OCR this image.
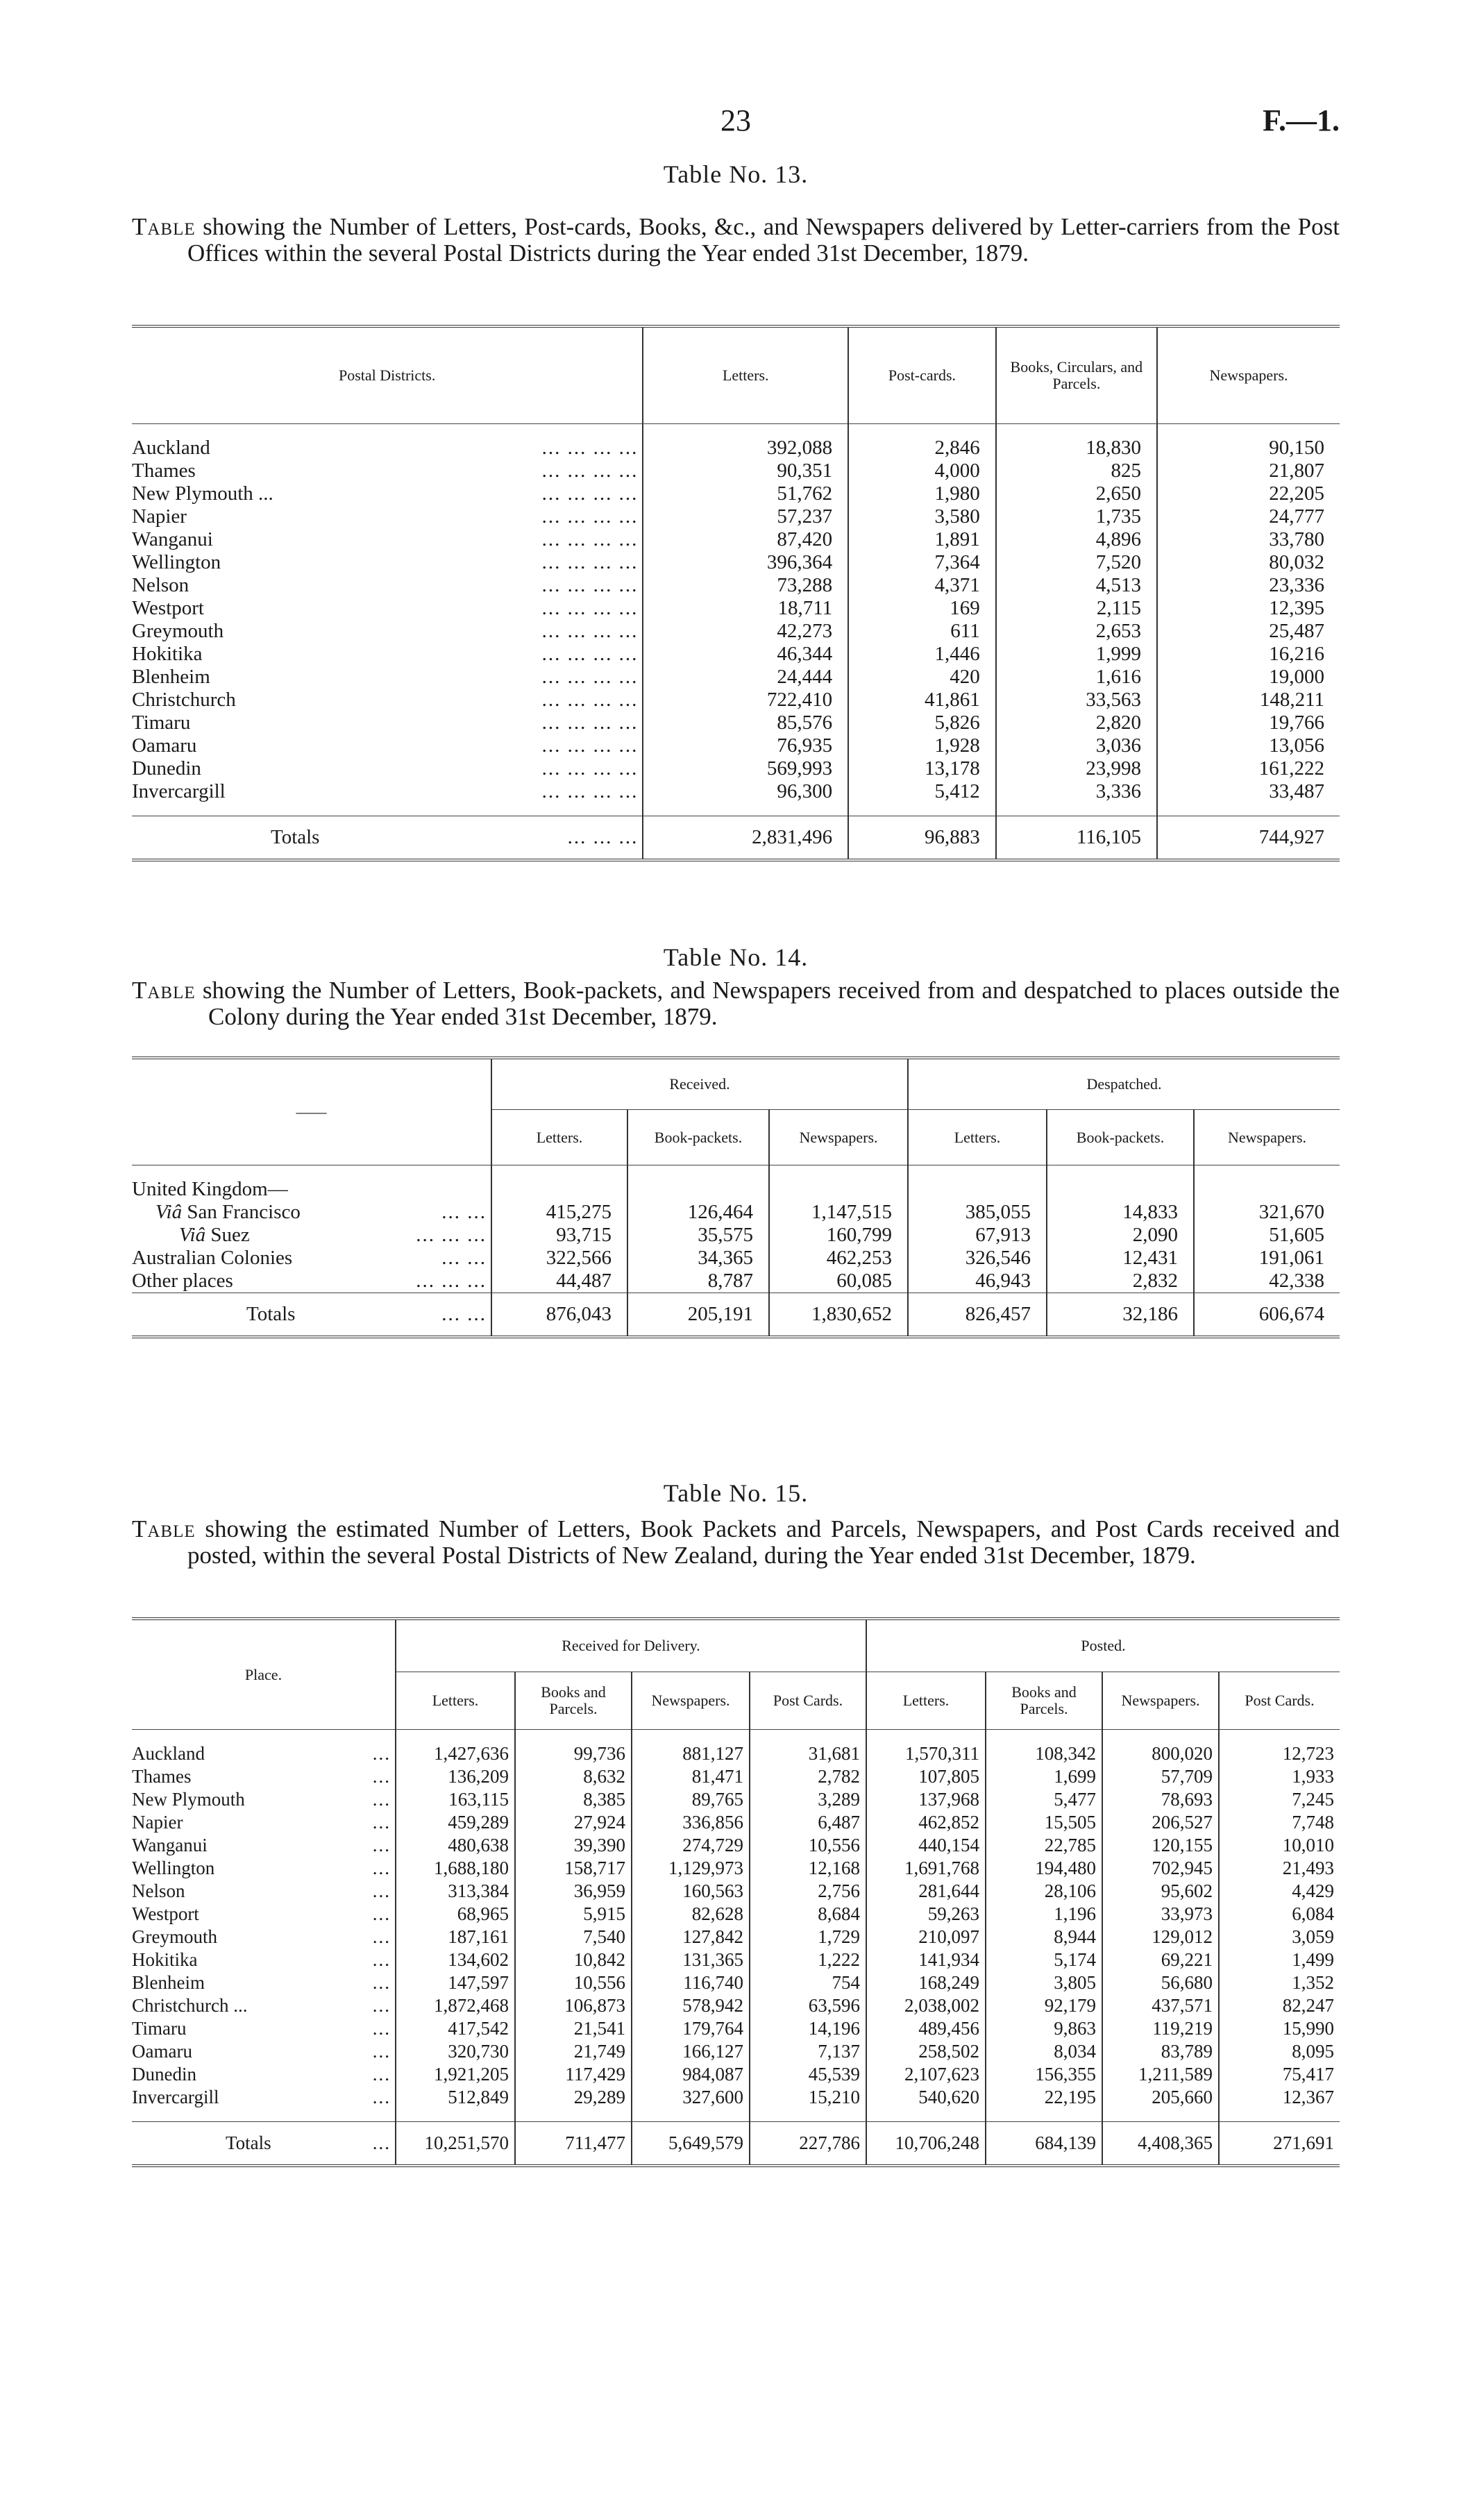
23	F.—1.
Table No. 13.
Table showing the Number of Letters, Post-cards, Books, &c., and Newspapers delivered by Letter-carriers from the Post Offices within the several Postal Districts during the Year ended 31st December, 1879.
Postal Districts.	Letters.	Post-cards.	Books, Circulars, and Parcels.	Newspapers.

Auckland ... ... ... ...	392,088	2,846	18,830	90,150
Thames ... ... ... ...	90,351	4,000	825	21,807
New Plymouth ... ... ... ... ...	51,762	1,980	2,650	22,205
Napier ... ... ... ...	57,237	3,580	1,735	24,777
Wanganui ... ... ... ...	87,420	1,891	4,896	33,780
Wellington ... ... ... ...	396,364	7,364	7,520	80,032
Nelson ... ... ... ...	73,288	4,371	4,513	23,336
Westport ... ... ... ...	18,711	169	2,115	12,395
Greymouth ... ... ... ...	42,273	611	2,653	25,487
Hokitika ... ... ... ...	46,344	1,446	1,999	16,216
Blenheim ... ... ... ...	24,444	420	1,616	19,000
Christchurch ... ... ... ...	722,410	41,861	33,563	148,211
Timaru ... ... ... ...	85,576	5,826	2,820	19,766
Oamaru ... ... ... ...	76,935	1,928	3,036	13,056
Dunedin ... ... ... ...	569,993	13,178	23,998	161,222
Invercargill ... ... ... ...	96,300	5,412	3,336	33,487

Totals ... ... ...	2,831,496	96,883	116,105	744,927
Table No. 14.
Table showing the Number of Letters, Book-packets, and Newspapers received from and despatched to places outside the Colony during the Year ended 31st December, 1879.
——	Received.			Despatched.		
	Letters.	Book-packets.	Newspapers.	Letters.	Book-packets.	Newspapers.

United Kingdom—						
Viâ San Francisco ... ...	415,275	126,464	1,147,515	385,055	14,833	321,670
Viâ Suez ... ... ...	93,715	35,575	160,799	67,913	2,090	51,605
Australian Colonies ... ...	322,566	34,365	462,253	326,546	12,431	191,061
Other places ... ... ...	44,487	8,787	60,085	46,943	2,832	42,338
Totals ... ...	876,043	205,191	1,830,652	826,457	32,186	606,674
Table No. 15.
Table showing the estimated Number of Letters, Book Packets and Parcels, Newspapers, and Post Cards received and posted, within the several Postal Districts of New Zealand, during the Year ended 31st December, 1879.
Place.	Received for Delivery.				Posted.			
	Letters.	Books and Parcels.	Newspapers.	Post Cards.	Letters.	Books and Parcels.	Newspapers.	Post Cards.

Auckland ...	1,427,636	99,736	881,127	31,681	1,570,311	108,342	800,020	12,723
Thames ...	136,209	8,632	81,471	2,782	107,805	1,699	57,709	1,933
New Plymouth ...	163,115	8,385	89,765	3,289	137,968	5,477	78,693	7,245
Napier ...	459,289	27,924	336,856	6,487	462,852	15,505	206,527	7,748
Wanganui ...	480,638	39,390	274,729	10,556	440,154	22,785	120,155	10,010
Wellington ...	1,688,180	158,717	1,129,973	12,168	1,691,768	194,480	702,945	21,493
Nelson ...	313,384	36,959	160,563	2,756	281,644	28,106	95,602	4,429
Westport ...	68,965	5,915	82,628	8,684	59,263	1,196	33,973	6,084
Greymouth ...	187,161	7,540	127,842	1,729	210,097	8,944	129,012	3,059
Hokitika ...	134,602	10,842	131,365	1,222	141,934	5,174	69,221	1,499
Blenheim ...	147,597	10,556	116,740	754	168,249	3,805	56,680	1,352
Christchurch ... ...	1,872,468	106,873	578,942	63,596	2,038,002	92,179	437,571	82,247
Timaru ...	417,542	21,541	179,764	14,196	489,456	9,863	119,219	15,990
Oamaru ...	320,730	21,749	166,127	7,137	258,502	8,034	83,789	8,095
Dunedin ...	1,921,205	117,429	984,087	45,539	2,107,623	156,355	1,211,589	75,417
Invercargill ...	512,849	29,289	327,600	15,210	540,620	22,195	205,660	12,367

Totals ...	10,251,570	711,477	5,649,579	227,786	10,706,248	684,139	4,408,365	271,691
